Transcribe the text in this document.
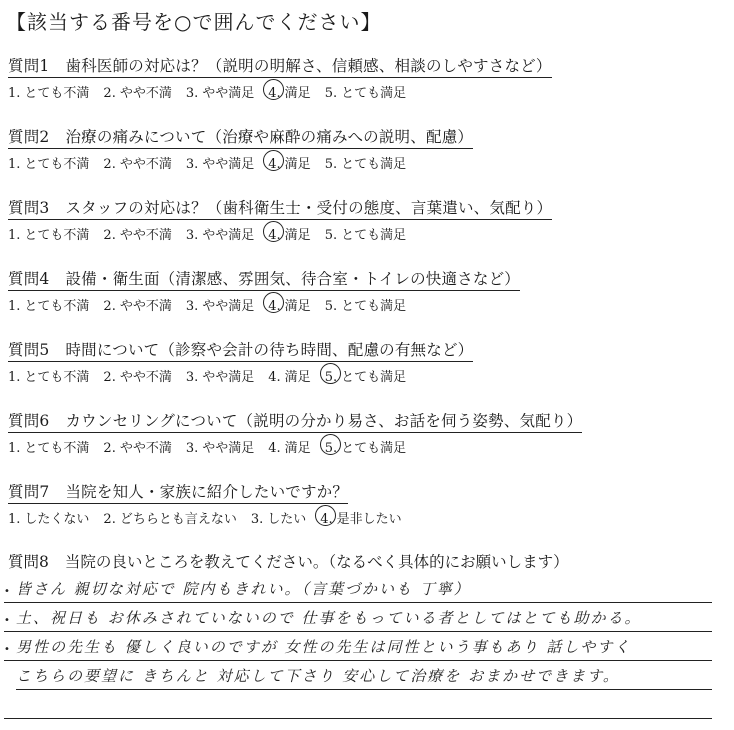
【該当する番号を○で囲んでください】
質問1 歯科医師の対応は？（説明の明解さ、信頼感、相談のしやすさなど）
1. とても不満 2. やや不満 3. やや満足 4. 満足 5. とても満足
質問2 治療の痛みについて（治療や麻酔の痛みへの説明、配慮）
1. とても不満 2. やや不満 3. やや満足 4. 満足 5. とても満足
質問3 スタッフの対応は？（歯科衛生士・受付の態度、言葉遣い、気配り）
1. とても不満 2. やや不満 3. やや満足 4. 満足 5. とても満足
質問4 設備・衛生面（清潔感、雰囲気、待合室・トイレの快適さなど）
1. とても不満 2. やや不満 3. やや満足 4. 満足 5. とても満足
質問5 時間について（診察や会計の待ち時間、配慮の有無など）
1. とても不満 2. やや不満 3. やや満足 4. 満足 5. とても満足
質問6 カウンセリングについて（説明の分かり易さ、お話を伺う姿勢、気配り）
1. とても不満 2. やや不満 3. やや満足 4. 満足 5. とても満足
質問7 当院を知人・家族に紹介したいですか？
1. したくない 2. どちらとも言えない 3. したい 4. 是非したい
質問8 当院の良いところを教えてください。（なるべく具体的にお願いします）
• 皆さん 親切な対応で 院内もきれい。（言葉づかいも 丁寧）
• 土、祝日も お休みされていないので 仕事をもっている者としてはとても助かる。
• 男性の先生も 優しく良いのですが 女性の先生は同性という事もあり 話しやすく
こちらの要望に きちんと 対応して下さり 安心して治療を おまかせできます。
